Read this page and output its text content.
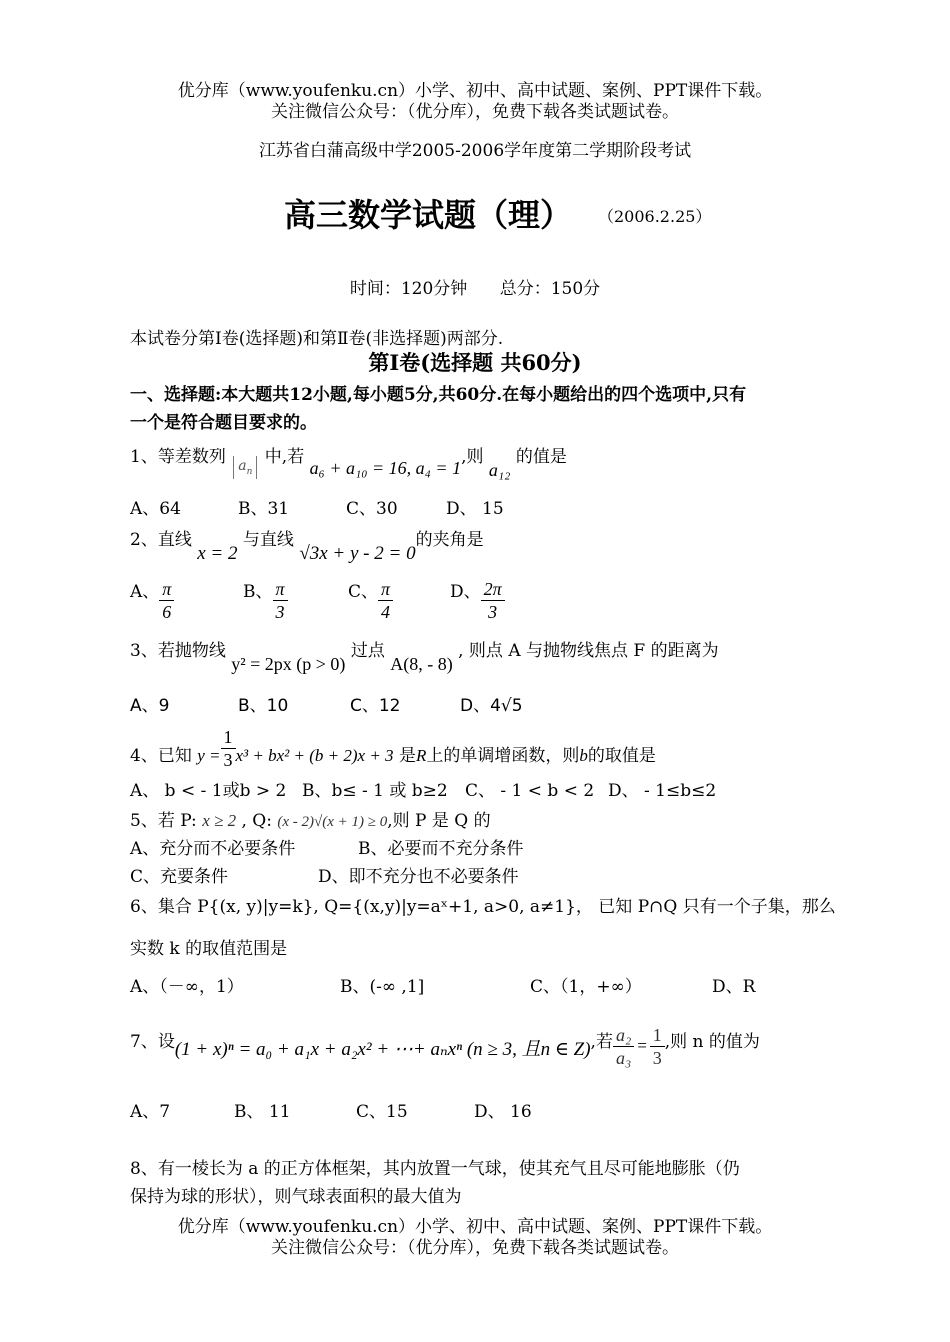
优分库（www.youfenku.cn）小学、初中、高中试题、案例、PPT课件下载。
关注微信公众号：（优分库），免费下载各类试题试卷。
江苏省白蒲高级中学2005-2006学年度第二学期阶段考试
高三数学试题（理） （2006.2.25）
时间：120分钟      总分：150分
本试卷分第Ⅰ卷(选择题)和第Ⅱ卷(非选择题)两部分.
第Ⅰ卷(选择题 共60分)
一、选择题:本大题共12小题,每小题5分,共60分.在每小题给出的四个选项中,只有
一个是符合题目要求的。
1、等差数列 $a_n$ 中,若 a₆ + a₁₀ = 16, a₄ = 1,则 a₁₂ 的值是
A、64	B、31	C、30	D、 15
2、直线 x = 2 与直线 √3x + y - 2 = 0的夹角是
A、 $\frac{\pi}{6}$	B、 $\frac{\pi}{3}$	C、 $\frac{\pi}{4}$	D、 $\frac{2\pi}{3}$
3、若抛物线 y² = 2px (p > 0) 过点 A(8, - 8) , 则点 A 与抛物线焦点 F 的距离为
A、9	B、10	C、12	D、4√5
4、已知 $y = \frac{1}{3} x^3 + bx^2 + (b + 2)x + 3$ 是R上的单调增函数，则b的取值是
A、 b < - 1或b > 2 B、b≤ - 1 或 b≥2 C、 - 1 < b < 2 D、 - 1≤b≤2
5、若 P: x ≥ 2 , Q: (x - 2)√(x + 1) ≥ 0,则 P 是 Q 的
A、充分而不必要条件	B、必要而不充分条件
C、充要条件	D、即不充分也不必要条件
6、集合 P{(x, y)|y=k}, Q={(x,y)|y=aˣ+1, a>0, a≠1}， 已知 P∩Q 只有一个子集，那么
实数 k 的取值范围是
A、（－∞，1）	B、(-∞ ,1]	C、（1，+∞）	D、R
7、设(1 + x)ⁿ = a₀ + a₁x + a₂x² + ⋯+ aₙxⁿ (n ≥ 3, 且n ∈ Z),若 $\frac{\text{a₂}}{\text{a₃}} = \frac{1}{3}$ ,则 n 的值为
A、7	B、 11	C、15	D、 16
8、有一棱长为 a 的正方体框架，其内放置一气球，使其充气且尽可能地膨胀（仍
保持为球的形状），则气球表面积的最大值为
优分库（www.youfenku.cn）小学、初中、高中试题、案例、PPT课件下载。
关注微信公众号：（优分库），免费下载各类试题试卷。
